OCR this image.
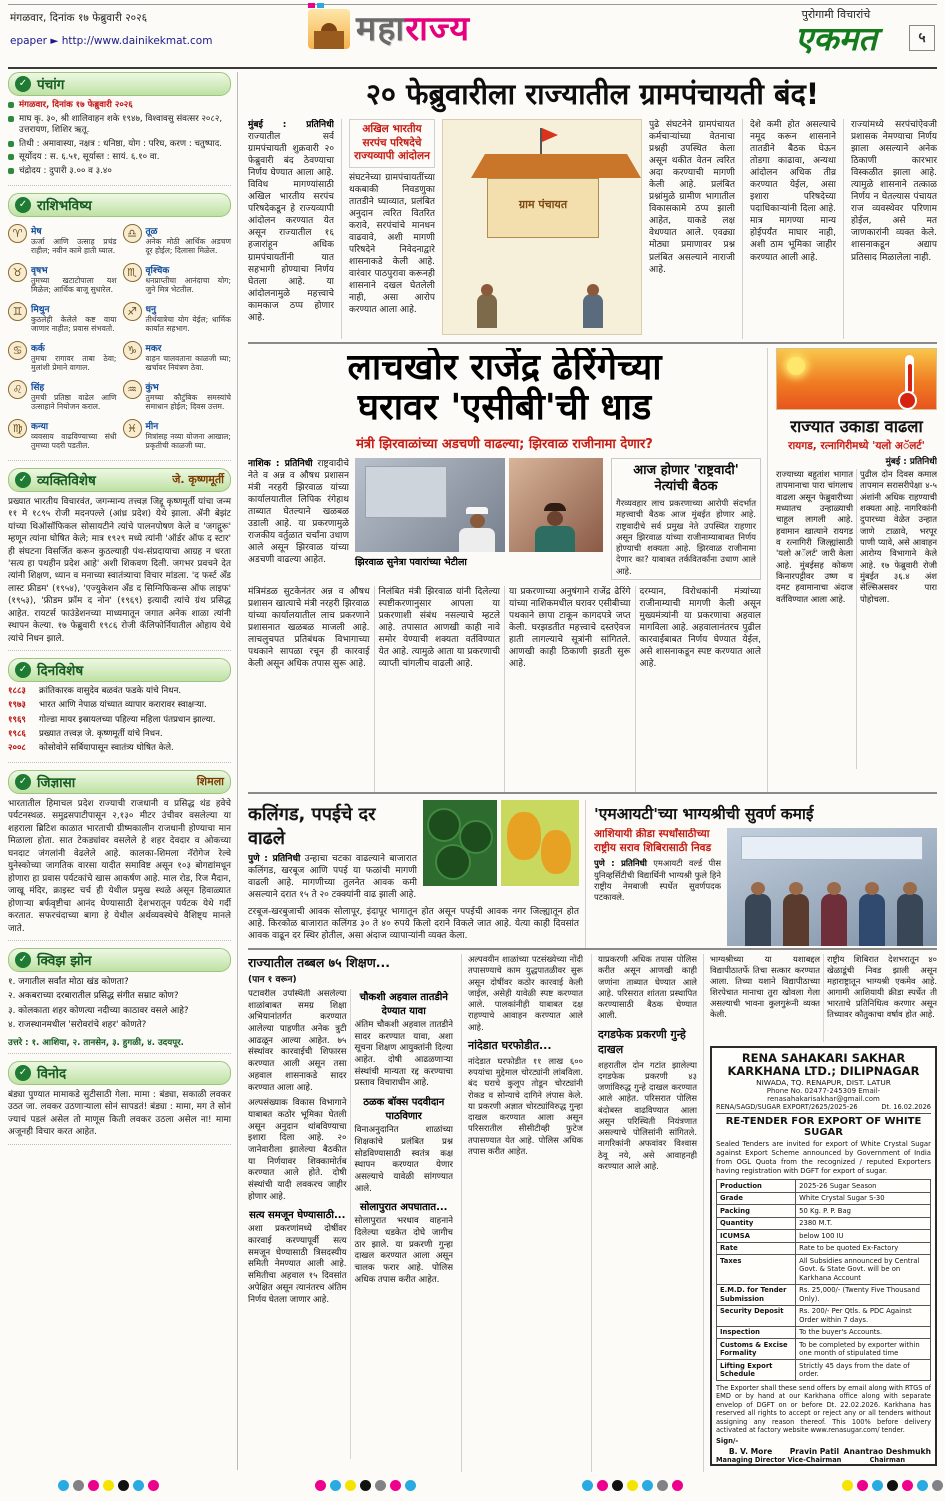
मंगळवार, दिनांक १७ फेब्रुवारी २०२६
epaper ► http://www.dainikekmat.com	महाराज्य	पुरोगामी विचारांचे
एकमत	५
✓ पंचांग
मंगळवार, दिनांक १७ फेब्रुवारी २०२६
माघ कृ. ३०, श्री शालिवाहन शके १९४७, विश्वावसु संवत्सर २०८२, उत्तरायण, शिशिर ऋतू.
तिथी : अमावास्या, नक्षत्र : धनिष्ठा, योग : परिघ, करण : चतुष्पाद.
सूर्योदय : स. ६.५१, सूर्यास्त : सायं. ६.१० वा.
चंद्रोदय : दुपारी ३.०० व ३.४०
✓ राशिभविष्य
♈ मेष
ऊर्जा आणि उत्साह प्रचंड राहील; नवीन कामे हाती घ्याल.
♉ वृषभ
तुमच्या खटाटोपाला यश मिळेल; आर्थिक बाजू सुधारेल.
♊ मिथुन
कुठलेही केलेले कष्ट वाया जाणार नाहीत; प्रवास संभवतो.
♋ कर्क
तुमचा रागावर ताबा ठेवा; मुलांशी प्रेमाने वागाल.
♌ सिंह
तुमची प्रतिष्ठा वाढेल आणि उत्साहाने नियोजन कराल.
♍ कन्या
व्यवसाय वाढविण्याच्या संधी तुमच्या पदरी पडतील.
♎ तूळ
अनेक मोठी आर्थिक अडचण दूर होईल; दिलासा मिळेल.
♏ वृश्चिक
धनप्राप्तीचा आनंदाचा योग; जुने मित्र भेटतील.
♐ धनु
तीर्थयात्रेचा योग येईल; धार्मिक कार्यात सहभाग.
♑ मकर
वाहन चालवताना काळजी घ्या; खर्चावर नियंत्रण ठेवा.
♒ कुंभ
तुमच्या कौटुंबिक समस्यांचे समाधान होईल; दिवस उत्तम.
♓ मीन
मित्रांसह नव्या योजना आखाल; प्रकृतीची काळजी घ्या.
✓ व्यक्तिविशेष	जे. कृष्णमूर्ती
प्रख्यात भारतीय विचारवंत, जगन्मान्य तत्त्वज्ञ जिद्दू कृष्णमूर्ती यांचा जन्म ११ मे १८९५ रोजी मदनपल्ले (आंध्र प्रदेश) येथे झाला. ॲनी बेझंट यांच्या थिऑसॉफिकल सोसायटीने त्यांचे पालनपोषण केले व 'जगद्गुरू' म्हणून त्यांना घोषित केले; मात्र १९२९ मध्ये त्यांनी 'ऑर्डर ऑफ द स्टार' ही संघटना विसर्जित करून कुठल्याही पंथ-संप्रदायाचा आग्रह न धरता 'सत्य हा पथहीन प्रदेश आहे' अशी शिकवण दिली. जगभर प्रवचने देत त्यांनी शिक्षण, ध्यान व मनाच्या स्वातंत्र्याचा विचार मांडला. 'द फर्स्ट अँड लास्ट फ्रीडम' (१९५४), 'एज्युकेशन अँड द सिग्निफिकन्स ऑफ लाइफ' (१९५३), 'फ्रीडम फ्रॉम द नोन' (१९६९) इत्यादी त्यांचे ग्रंथ प्रसिद्ध आहेत. रायटर्स फाउंडेशनच्या माध्यमातून जगात अनेक शाळा त्यांनी स्थापन केल्या. १७ फेब्रुवारी १९८६ रोजी कॅलिफोर्नियातील ओहाय येथे त्यांचे निधन झाले.
✓ दिनविशेष
१८८३	क्रांतिकारक वासुदेव बळवंत फडके यांचे निधन.
१९७३	भारत आणि नेपाळ यांच्यात व्यापार करारावर स्वाक्षऱ्या.
१९६९	गोल्डा मायर इस्रायलच्या पहिल्या महिला पंतप्रधान झाल्या.
१९८६	प्रख्यात तत्त्वज्ञ जे. कृष्णमूर्ती यांचे निधन.
२००८	कोसोवोने सर्बियापासून स्वातंत्र्य घोषित केले.
✓ जिज्ञासा	शिमला
भारतातील हिमाचल प्रदेश राज्याची राजधानी व प्रसिद्ध थंड हवेचे पर्यटनस्थळ. समुद्रसपाटीपासून २,१३० मीटर उंचीवर वसलेल्या या शहराला ब्रिटिश काळात भारताची ग्रीष्मकालीन राजधानी होण्याचा मान मिळाला होता. सात टेकड्यांवर वसलेले हे शहर देवदार व ओकच्या घनदाट जंगलांनी वेढलेले आहे. कालका-शिमला नॅरोगेज रेल्वे युनेस्कोच्या जागतिक वारसा यादीत समाविष्ट असून १०३ बोगद्यांमधून होणारा हा प्रवास पर्यटकांचे खास आकर्षण आहे. माल रोड, रिज मैदान, जाखू मंदिर, क्राइस्ट चर्च ही येथील प्रमुख स्थळे असून हिवाळ्यात होणाऱ्या बर्फवृष्टीचा आनंद घेण्यासाठी देशभरातून पर्यटक येथे गर्दी करतात. सफरचंदाच्या बागा हे येथील अर्थव्यवस्थेचे वैशिष्ट्य मानले जाते.
✓ क्विझ झोन
१. जगातील सर्वांत मोठा खंड कोणता?
२. अकबराच्या दरबारातील प्रसिद्ध संगीत सम्राट कोण?
३. कोलकाता शहर कोणत्या नदीच्या काठावर वसले आहे?
४. राजस्थानमधील 'सरोवरांचे शहर' कोणते?
उत्तरे : १. आशिया, २. तानसेन, ३. हुगळी, ४. उदयपूर.
✓ विनोद
बंड्या पुण्यात मामाकडे सुटीसाठी गेला. मामा : बंड्या, सकाळी लवकर उठत जा. लवकर उठणाऱ्याला सोनं सापडतं! बंड्या : मामा, मग ते सोनं ज्याचं पडलं असेल तो माणूस किती लवकर उठला असेल ना! मामा अजूनही विचार करत आहेत.
२० फेब्रुवारीला राज्यातील ग्रामपंचायती बंद!

मुंबई : प्रतिनिधी राज्यातील सर्व ग्रामपंचायती शुक्रवारी २० फेब्रुवारी बंद ठेवण्याचा निर्णय घेण्यात आला आहे. विविध मागण्यांसाठी अखिल भारतीय सरपंच परिषदेकडून हे राज्यव्यापी आंदोलन करण्यात येत असून राज्यातील १६ हजारांहून अधिक ग्रामपंचायतींनी यात सहभागी होण्याचा निर्णय घेतला आहे. या आंदोलनामुळे महत्त्वाचे कामकाज ठप्प होणार आहे.

अखिल भारतीय सरपंच परिषदेचे राज्यव्यापी आंदोलन

संघटनेच्या ग्रामपंचायतींच्या थकबाकी निवडणुका तातडीने घ्याव्यात, प्रलंबित अनुदान त्वरित वितरित करावे, सरपंचांचे मानधन वाढवावे, अशी मागणी परिषदेने निवेदनाद्वारे शासनाकडे केली आहे. वारंवार पाठपुरावा करूनही शासनाने दखल घेतलेली नाही, असा आरोप करण्यात आला आहे.

ग्राम पंचायत

पुढे संघटनेने ग्रामपंचायत कर्मचाऱ्यांच्या वेतनाचा प्रश्नही उपस्थित केला असून थकीत वेतन त्वरित अदा करण्याची मागणी केली आहे. प्रलंबित प्रश्नांमुळे ग्रामीण भागातील विकासकामे ठप्प झाली आहेत, याकडे लक्ष वेधण्यात आले. एवढ्या मोठ्या प्रमाणावर प्रश्न प्रलंबित असल्याने नाराजी आहे.

देशे कमी होत असल्याचे नमूद करून शासनाने तातडीने बैठक घेऊन तोडगा काढावा, अन्यथा आंदोलन अधिक तीव्र करण्यात येईल, असा इशारा परिषदेच्या पदाधिकाऱ्यांनी दिला आहे. मात्र मागण्या मान्य होईपर्यंत माघार नाही, अशी ठाम भूमिका जाहीर करण्यात आली आहे.

राज्यांमध्ये सरपंचांऐवजी प्रशासक नेमण्याचा निर्णय झाला असल्याने अनेक ठिकाणी कारभार विस्कळीत झाला आहे. त्यामुळे शासनाने तत्काळ निर्णय न घेतल्यास पंचायत राज व्यवस्थेवर परिणाम होईल, असे मत जाणकारांनी व्यक्त केले. शासनाकडून अद्याप प्रतिसाद मिळालेला नाही.

लाचखोर राजेंद्र ढेरिंगेच्या
घरावर 'एसीबी'ची धाड
मंत्री झिरवाळांच्या अडचणी वाढल्या; झिरवाळ राजीनामा देणार?

नाशिक : प्रतिनिधी राष्ट्रवादीचे नेते व अन्न व औषध प्रशासन मंत्री नरहरी झिरवाळ यांच्या कार्यालयातील लिपिक रंगेहाथ ताब्यात घेतल्याने खळबळ उडाली आहे. या प्रकरणामुळे राजकीय वर्तुळात चर्चांना उधाण आले असून झिरवाळ यांच्या अडचणी वाढल्या आहेत.	झिरवाळ सुनेत्रा पवारांच्या भेटीला
आज होणार 'राष्ट्रवादी' नेत्यांची बैठक

गैरव्यवहार लाच प्रकरणाच्या आरोपी संदर्भात महत्त्वाची बैठक आज मुंबईत होणार आहे. राष्ट्रवादीचे सर्व प्रमुख नेते उपस्थित राहणार असून झिरवाळ यांच्या राजीनाम्याबाबत निर्णय होण्याची शक्यता आहे. झिरवाळ राजीनामा देणार का? याबाबत तर्कवितर्कांना उधाण आले आहे.

मंत्रिमंडळ सुटकेनंतर अन्न व औषध प्रशासन खात्याचे मंत्री नरहरी झिरवाळ यांच्या कार्यालयातील लाच प्रकरणाने प्रशासनात खळबळ माजली आहे. लाचलुचपत प्रतिबंधक विभागाच्या पथकाने सापळा रचून ही कारवाई केली असून अधिक तपास सुरू आहे.

निलंबित मंत्री झिरवाळ यांनी दिलेल्या स्पष्टीकरणानुसार आपला या प्रकरणाशी संबंध नसल्याचे म्हटले आहे. तपासात आणखी काही नावे समोर येण्याची शक्यता वर्तविण्यात येत आहे. त्यामुळे आता या प्रकरणाची व्याप्ती चांगलीच वाढली आहे.

या प्रकरणाच्या अनुषंगाने राजेंद्र ढेरिंगे यांच्या नाशिकमधील घरावर एसीबीच्या पथकाने छापा टाकून कागदपत्रे जप्त केली. घरझडतीत महत्त्वाचे दस्तऐवज हाती लागल्याचे सूत्रांनी सांगितले. आणखी काही ठिकाणी झडती सुरू आहे.

दरम्यान, विरोधकांनी मंत्र्यांच्या राजीनाम्याची मागणी केली असून मुख्यमंत्र्यांनी या प्रकरणाचा अहवाल मागविला आहे. अहवालानंतरच पुढील कारवाईबाबत निर्णय घेण्यात येईल, असे शासनाकडून स्पष्ट करण्यात आले आहे.

राज्यात उकाडा वाढला
रायगड, रत्नागिरीमध्ये 'यलो अॅलर्ट'
मुंबई : प्रतिनिधी

राज्याच्या बहुतांश भागात तापमानाचा पारा चांगलाच वाढला असून फेब्रुवारीच्या मध्यातच उन्हाळ्याची चाहूल लागली आहे. हवामान खात्याने रायगड व रत्नागिरी जिल्ह्यांसाठी 'यलो अॅलर्ट' जारी केला आहे. मुंबईसह कोकण किनारपट्टीवर उष्ण व दमट हवामानाचा अंदाज वर्तविण्यात आला आहे.

पुढील दोन दिवस कमाल तापमान सरासरीपेक्षा ४-५ अंशांनी अधिक राहण्याची शक्यता आहे. नागरिकांनी दुपारच्या वेळेत उन्हात जाणे टाळावे, भरपूर पाणी प्यावे, असे आवाहन आरोग्य विभागाने केले आहे. १७ फेब्रुवारी रोजी मुंबईत ३६.४ अंश सेल्सिअसवर पारा पोहोचला.

कलिंगड, पपईचे दर वाढले

पुणे : प्रतिनिधी उन्हाचा चटका वाढल्याने बाजारात कलिंगड, खरबूज आणि पपई या फळांची मागणी वाढली आहे. मागणीच्या तुलनेत आवक कमी असल्याने दरात १५ ते २० टक्क्यांनी वाढ झाली आहे.

टरबूज-खरबुजाची आवक सोलापूर, इंदापूर भागातून होत असून पपईची आवक नगर जिल्ह्यातून होत आहे. किरकोळ बाजारात कलिंगड ३० ते ४० रुपये किलो दराने विकले जात आहे. येत्या काही दिवसांत आवक वाढून दर स्थिर होतील, असा अंदाज व्यापाऱ्यांनी व्यक्त केला.

'एमआयटी'च्या भाग्यश्रीची सुवर्ण कमाई
आशियायी क्रीडा स्पर्धांसाठीच्या राष्ट्रीय सराव शिबिरासाठी निवड

पुणे : प्रतिनिधी एमआयटी वर्ल्ड पीस युनिव्हर्सिटीची विद्यार्थिनी भाग्यश्री फुले हिने राष्ट्रीय नेमबाजी स्पर्धेत सुवर्णपदक पटकावले.

राज्यातील तब्बल ७५ शिक्षण...
(पान १ वरून)

पटावरील उपस्थिती असलेल्या शाळांबाबत समग्र शिक्षा अभियानांतर्गत करण्यात आलेल्या पाहणीत अनेक त्रुटी आढळून आल्या आहेत. ७५ संस्थांवर कारवाईची शिफारस करण्यात आली असून तसा अहवाल शासनाकडे सादर करण्यात आला आहे.

अल्पसंख्याक विकास विभागाने याबाबत कठोर भूमिका घेतली असून अनुदान थांबविण्याचा इशारा दिला आहे. २० जानेवारीला झालेल्या बैठकीत या निर्णयावर शिक्कामोर्तब करण्यात आले होते. दोषी संस्थांची यादी लवकरच जाहीर होणार आहे.

सत्य समजून घेण्यासाठी...

अशा प्रकरणांमध्ये दोषींवर कारवाई करण्यापूर्वी सत्य समजून घेण्यासाठी त्रिसदस्यीय समिती नेमण्यात आली आहे. समितीचा अहवाल १५ दिवसांत अपेक्षित असून त्यानंतरच अंतिम निर्णय घेतला जाणार आहे.

चौकशी अहवाल तातडीने देण्यात यावा

अंतिम चौकशी अहवाल तातडीने सादर करण्यात यावा, अशा सूचना शिक्षण आयुक्तांनी दिल्या आहेत. दोषी आढळणाऱ्या संस्थांची मान्यता रद्द करण्याचा प्रस्ताव विचाराधीन आहे.

ठळक बॉक्स पदवीदान पाठविणार

विनाअनुदानित शाळांच्या शिक्षकांचे प्रलंबित प्रश्न सोडविण्यासाठी स्वतंत्र कक्ष स्थापन करण्यात येणार असल्याचे यावेळी सांगण्यात आले.

सोलापुरात अपघातात...

सोलापुरात भरधाव वाहनाने दिलेल्या धडकेत दोघे जागीच ठार झाले. या प्रकरणी गुन्हा दाखल करण्यात आला असून चालक फरार आहे. पोलिस अधिक तपास करीत आहेत.

अल्पवयीन शाळांच्या पटसंख्येच्या नोंदी तपासण्याचे काम युद्धपातळीवर सुरू असून दोषींवर कठोर कारवाई केली जाईल, असेही यावेळी स्पष्ट करण्यात आले. पालकांनीही याबाबत दक्ष राहण्याचे आवाहन करण्यात आले आहे.

नांदेडात घरफोडीत...

नांदेडात घरफोडीत ११ लाख ६०० रुपयांचा मुद्देमाल चोरट्यांनी लांबविला. बंद घराचे कुलूप तोडून चोरट्यांनी रोकड व सोन्याचे दागिने लंपास केले. या प्रकरणी अज्ञात चोरट्यांविरुद्ध गुन्हा दाखल करण्यात आला असून परिसरातील सीसीटीव्ही फुटेज तपासण्यात येत आहे. पोलिस अधिक तपास करीत आहेत.

याप्रकरणी अधिक तपास पोलिस करीत असून आणखी काही जणांना ताब्यात घेण्यात आले आहे. परिसरात शांतता प्रस्थापित करण्यासाठी बैठक घेण्यात आली.

दगडफेक प्रकरणी गुन्हे दाखल

शहरातील दोन गटांत झालेल्या दगडफेक प्रकरणी ४३ जणांविरुद्ध गुन्हे दाखल करण्यात आले आहेत. परिसरात पोलिस बंदोबस्त वाढविण्यात आला असून परिस्थिती नियंत्रणात असल्याचे पोलिसांनी सांगितले. नागरिकांनी अफवांवर विश्वास ठेवू नये, असे आवाहनही करण्यात आले आहे.

भाग्यश्रीच्या या यशाबद्दल विद्यापीठातर्फे तिचा सत्कार करण्यात आला. तिच्या यशाने विद्यापीठाच्या शिरपेचात मानाचा तुरा खोवला गेला असल्याची भावना कुलगुरूंनी व्यक्त केली.

राष्ट्रीय शिबिरात देशभरातून ४० खेळाडूंची निवड झाली असून महाराष्ट्रातून भाग्यश्री एकमेव आहे. आगामी आशियायी क्रीडा स्पर्धेत ती भारताचे प्रतिनिधित्व करणार असून तिच्यावर कौतुकाचा वर्षाव होत आहे.

RENA SAHAKARI SAKHAR KARKHANA LTD.; DILIPNAGAR
NIWADA, TQ. RENAPUR, DIST. LATUR
Phone No. 02477-245309 Email-renasahakarisakhar@gmail.com
RENA/SAGD/SUGAR EXPORT/2625/2025-26	Dt. 16.02.2026
RE-TENDER FOR EXPORT OF WHITE SUGAR
Sealed Tenders are invited for export of White Crystal Sugar against Export Scheme announced by Government of India from OGL Quota from the recognized / reputed Exporters having registration with DGFT for export of sugar.
Production	2025-26 Sugar Season
Grade	White Crystal Sugar S-30
Packing	50 Kg. P. P. Bag
Quantity	2380 M.T.
ICUMSA	below 100 IU
Rate	Rate to be quoted Ex-Factory
Taxes	All Subsidies announced by Central Govt. & State Govt. will be on Karkhana Account
E.M.D. for Tender Submission	Rs. 25,000/- (Twenty Five Thousand Only).
Security Deposit	Rs. 200/- Per Qtls. & PDC Against Order within 7 days.
Inspection	To the buyer's Accounts.
Customs & Excise Formality	To be completed by exporter within one month of stipulated time
Lifting Export Schedule	Strictly 45 days from the date of order.
The Exporter shall these send offers by email along with RTGS of EMD or by hand at our Karkhana office along with separate envelop of DGFT on or before Dt. 22.02.2026. Karkhana has reserved all rights to accept or reject any or all tenders without assigning any reason thereof. This 100% before delivery activated at factory website www.renasugar.com/ tender.
Sign/-
B. V. More
Managing Director
Pravin Patil
Vice-Chairman
Anantrao Deshmukh
Chairman
